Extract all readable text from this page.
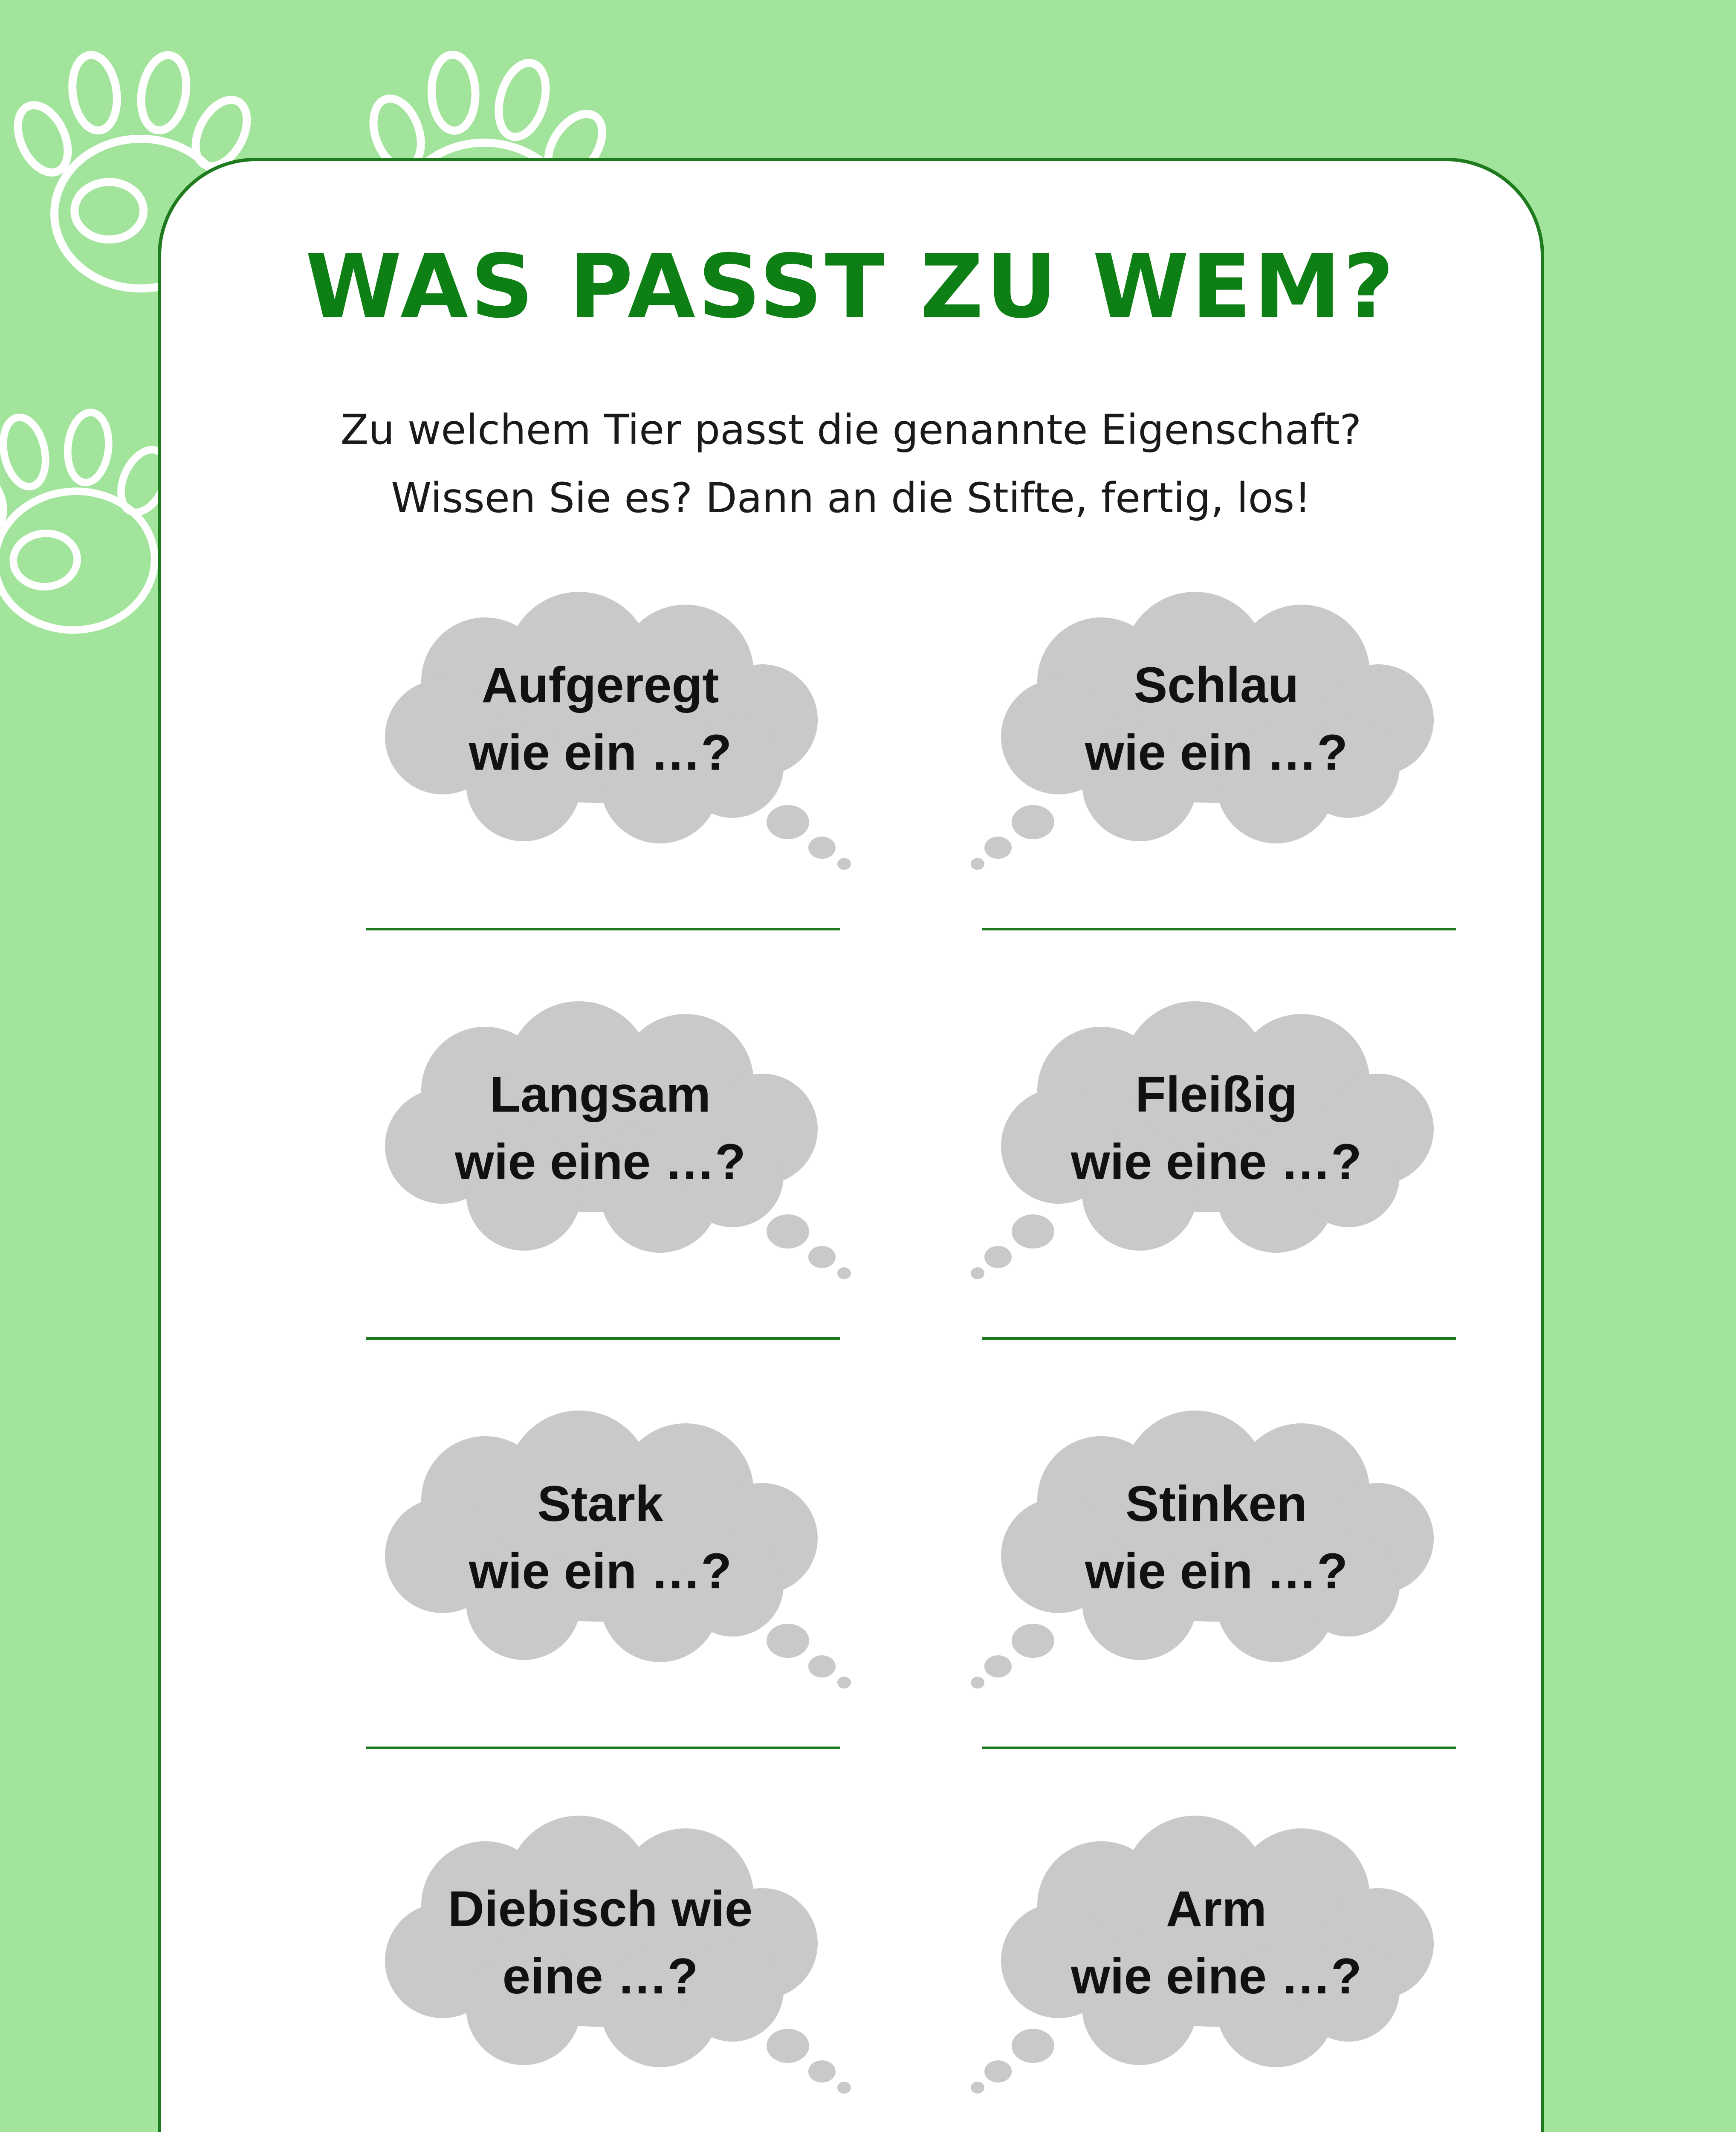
WAS PASST ZU WEM?
Zu welchem Tier passt die genannte Eigenschaft?
Wissen Sie es? Dann an die Stifte, fertig, los!
Aufgeregt
wie ein …?
Schlau
wie ein …?
Langsam
wie eine …?
Fleißig
wie eine …?
Stark
wie ein …?
Stinken
wie ein …?
Diebisch wie
eine …?
Arm
wie eine …?
